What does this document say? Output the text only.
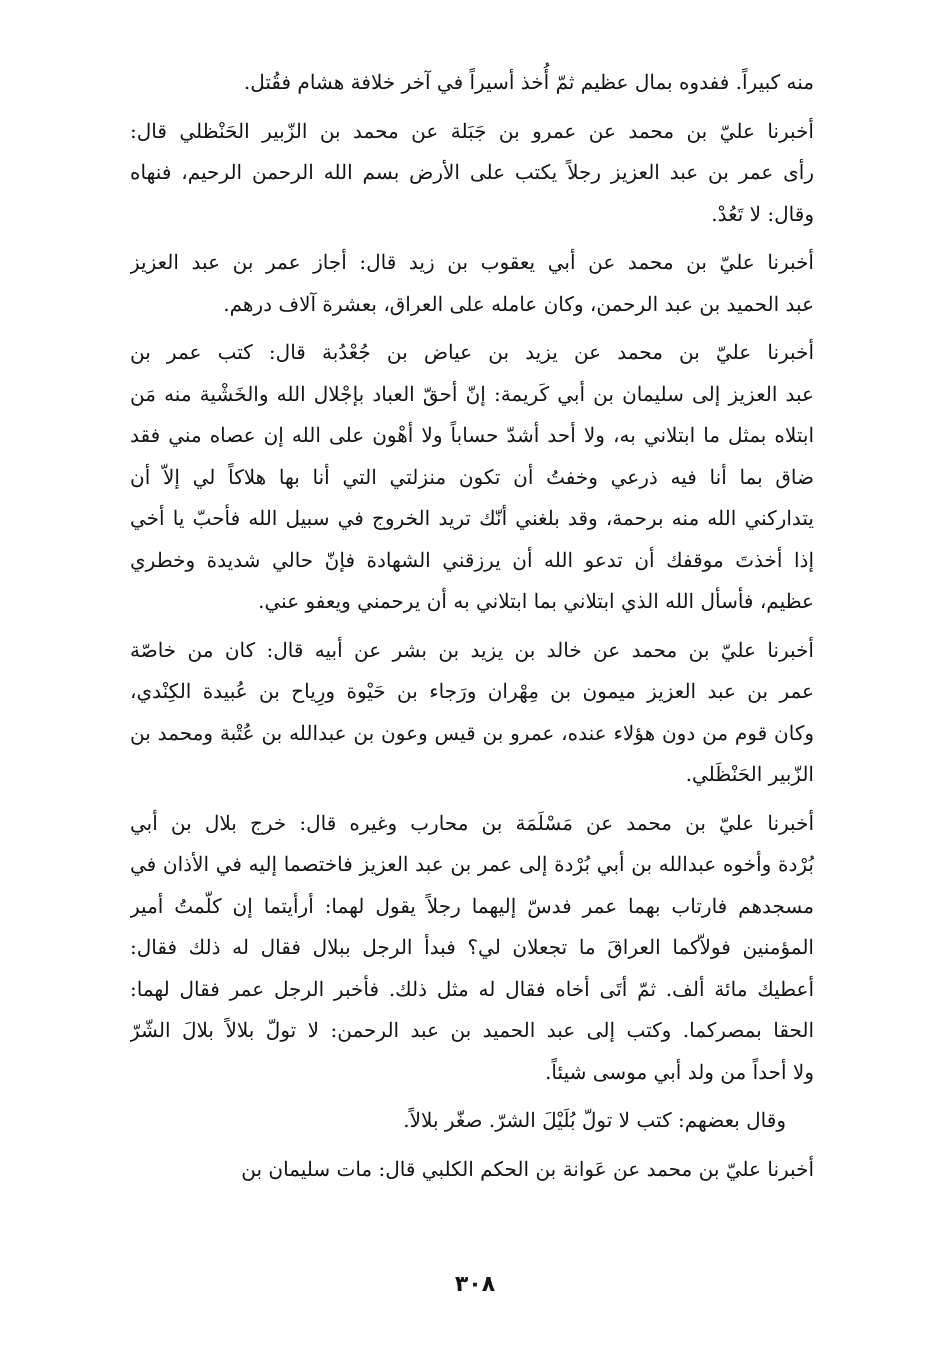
منه كبيراً. ففدوه بمال عظيم ثمّ أُخذ أسيراً في آخر خلافة هشام فقُتل.
أخبرنا عليّ بن محمد عن عمرو بن جَبَلة عن محمد بن الزّبير الحَنْظلي قال:
رأى عمر بن عبد العزيز رجلاً يكتب على الأرض بسم الله الرحمن الرحيم، فنهاه
وقال: لا تَعُدْ.
أخبرنا عليّ بن محمد عن أبي يعقوب بن زيد قال: أجاز عمر بن عبد العزيز
عبد الحميد بن عبد الرحمن، وكان عامله على العراق، بعشرة آلاف درهم.
أخبرنا عليّ بن محمد عن يزيد بن عياض بن جُعْدُبة قال: كتب عمر بن
عبد العزيز إلى سليمان بن أبي كَريمة: إنّ أحقّ العباد بإجْلال الله والخَشْية منه مَن
ابتلاه بمثل ما ابتلاني به، ولا أحد أشدّ حساباً ولا أهْون على الله إن عصاه مني فقد
ضاق بما أنا فيه ذرعي وخفتُ أن تكون منزلتي التي أنا بها هلاكاً لي إلاّ أن
يتداركني الله منه برحمة، وقد بلغني أنّك تريد الخروج في سبيل الله فأحبّ يا أخي
إذا أخذتَ موقفك أن تدعو الله أن يرزقني الشهادة فإنّ حالي شديدة وخطري
عظيم، فأسأل الله الذي ابتلاني بما ابتلاني به أن يرحمني ويعفو عني.
أخبرنا عليّ بن محمد عن خالد بن يزيد بن بشر عن أبيه قال: كان من خاصّة
عمر بن عبد العزيز ميمون بن مِهْران ورَجاء بن حَيْوة ورِياح بن عُبيدة الكِنْدي،
وكان قوم من دون هؤلاء عنده، عمرو بن قيس وعون بن عبدالله بن عُتْبة ومحمد بن
الزّبير الحَنْظَلي.
أخبرنا عليّ بن محمد عن مَسْلَمَة بن محارب وغيره قال: خرج بلال بن أبي
بُرْدة وأخوه عبدالله بن أبي بُرْدة إلى عمر بن عبد العزيز فاختصما إليه في الأذان في
مسجدهم فارتاب بهما عمر فدسّ إليهما رجلاً يقول لهما: أرأيتما إن كلّمتُ أمير
المؤمنين فولاّكما العراقَ ما تجعلان لي؟ فبدأ الرجل ببلال فقال له ذلك فقال:
أعطيك مائة ألف. ثمّ أتَى أخاه فقال له مثل ذلك. فأخبر الرجل عمر فقال لهما:
الحقا بمصركما. وكتب إلى عبد الحميد بن عبد الرحمن: لا تولّ بلالاً بلالَ الشّرّ
ولا أحداً من ولد أبي موسى شيئاً.
وقال بعضهم: كتب لا تولّ بُلَيْلَ الشرّ. صغّر بلالاً.
أخبرنا عليّ بن محمد عن عَوانة بن الحكم الكلبي قال: مات سليمان بن
٣٠٨
